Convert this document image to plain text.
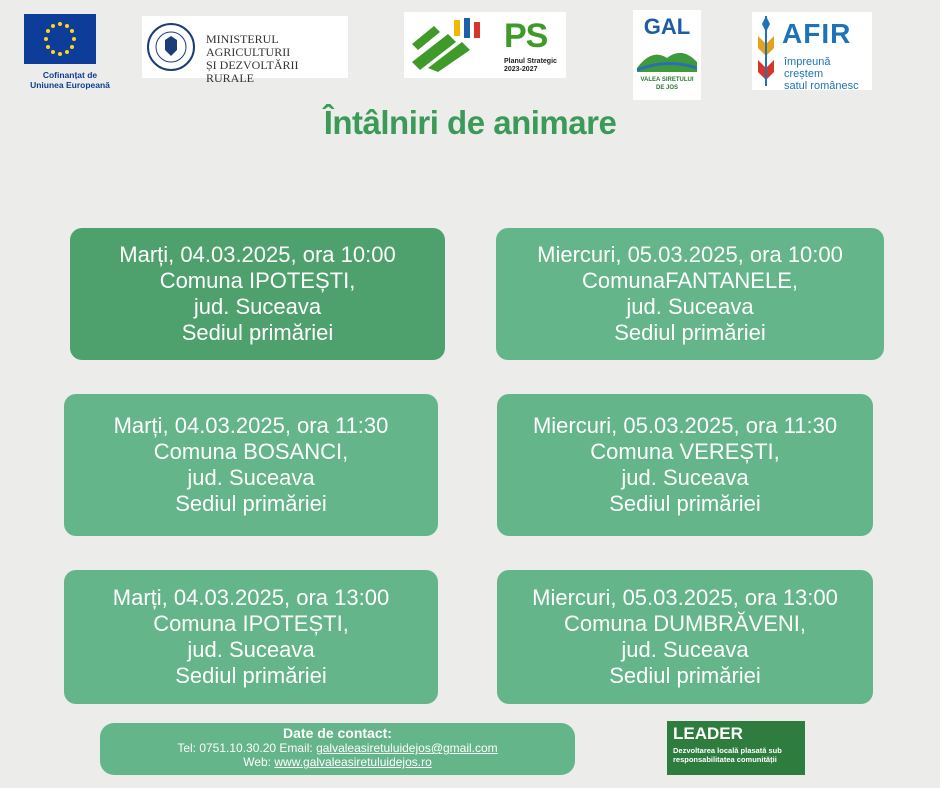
Cofinanțat de
Uniunea Europeană
MINISTERUL AGRICULTURII
ȘI DEZVOLTĂRII RURALE
PS
Planul Strategic
2023-2027
GAL
VALEA SIRETULUI
DE JOS
AFIR
împreună creștem
satul românesc
Întâlniri de animare
Marți, 04.03.2025, ora 10:00
Comuna IPOTEȘTI,
jud. Suceava
Sediul primăriei
Miercuri, 05.03.2025, ora 10:00
ComunaFANTANELE,
jud. Suceava
Sediul primăriei
Marți, 04.03.2025, ora 11:30
Comuna BOSANCI,
jud. Suceava
Sediul primăriei
Miercuri, 05.03.2025, ora 11:30
Comuna VEREȘTI,
jud. Suceava
Sediul primăriei
Marți, 04.03.2025, ora 13:00
Comuna IPOTEȘTI,
jud. Suceava
Sediul primăriei
Miercuri, 05.03.2025, ora 13:00
Comuna DUMBRĂVENI,
jud. Suceava
Sediul primăriei
Date de contact:
Tel: 0751.10.30.20 Email: galvaleasiretuluidejos@gmail.com
Web: www.galvaleasiretuluidejos.ro
LEADER
Dezvoltarea locală plasată sub responsabilitatea comunității
